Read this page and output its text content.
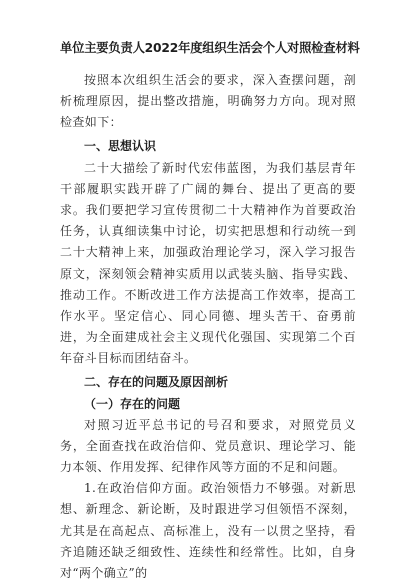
单位主要负责人2022年度组织生活会个人对照检查材料

按照本次组织生活会的要求，深入查摆问题，剖析梳理原因，提出整改措施，明确努力方向。现对照检查如下：

一、思想认识

二十大描绘了新时代宏伟蓝图，为我们基层青年干部履职实践开辟了广阔的舞台、提出了更高的要求。我们要把学习宣传贯彻二十大精神作为首要政治任务，认真细读集中讨论，切实把思想和行动统一到二十大精神上来，加强政治理论学习，深入学习报告原文，深刻领会精神实质用以武装头脑、指导实践、推动工作。不断改进工作方法提高工作效率，提高工作水平。坚定信心、同心同德、埋头苦干、奋勇前进，为全面建成社会主义现代化强国、实现第二个百年奋斗目标而团结奋斗。

二、存在的问题及原因剖析
（一）存在的问题

对照习近平总书记的号召和要求，对照党员义务，全面查找在政治信仰、党员意识、理论学习、能力本领、作用发挥、纪律作风等方面的不足和问题。

1.在政治信仰方面。政治领悟力不够强。对新思想、新理念、新论断，及时跟进学习但领悟不深刻，尤其是在高起点、高标准上，没有一以贯之坚持，看齐追随还缺乏细致性、连续性和经常性。比如，自身对“两个确立”的
